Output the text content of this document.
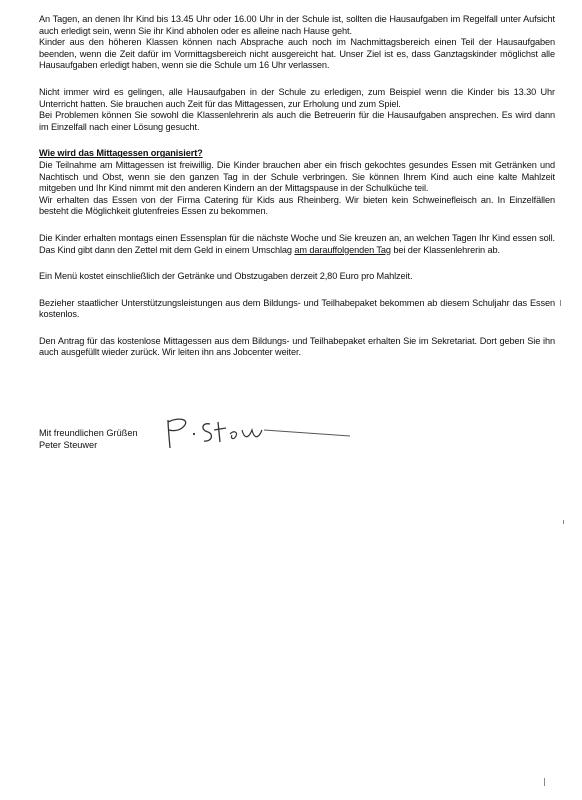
An Tagen, an denen Ihr Kind bis 13.45 Uhr oder 16.00 Uhr in der Schule ist, sollten die Hausaufgaben im Regelfall unter Aufsicht auch erledigt sein, wenn Sie ihr Kind abholen oder es alleine nach Hause geht.
Kinder aus den höheren Klassen können nach Absprache auch noch im Nachmittagsbereich einen Teil der Hausaufgaben beenden, wenn die Zeit dafür im Vormittagsbereich nicht ausgereicht hat. Unser Ziel ist es, dass Ganztagskinder möglichst alle Hausaufgaben erledigt haben, wenn sie die Schule um 16 Uhr verlassen.

Nicht immer wird es gelingen, alle Hausaufgaben in der Schule zu erledigen, zum Beispiel wenn die Kinder bis 13.30 Uhr Unterricht hatten. Sie brauchen auch Zeit für das Mittagessen, zur Erholung und zum Spiel.
Bei Problemen können Sie sowohl die Klassenlehrerin als auch die Betreuerin für die Hausaufgaben ansprechen. Es wird dann im Einzelfall nach einer Lösung gesucht.

Wie wird das Mittagessen organisiert?

Die Teilnahme am Mittagessen ist freiwillig. Die Kinder brauchen aber ein frisch gekochtes gesundes Essen mit Getränken und Nachtisch und Obst, wenn sie den ganzen Tag in der Schule verbringen. Sie können Ihrem Kind auch eine kalte Mahlzeit mitgeben und Ihr Kind nimmt mit den anderen Kindern an der Mittagspause in der Schulküche teil.
Wir erhalten das Essen von der Firma Catering für Kids aus Rheinberg. Wir bieten kein Schweinefleisch an. In Einzelfällen besteht die Möglichkeit glutenfreies Essen zu bekommen.

Die Kinder erhalten montags einen Essensplan für die nächste Woche und Sie kreuzen an, an welchen Tagen Ihr Kind essen soll. Das Kind gibt dann den Zettel mit dem Geld in einem Umschlag am darauffolgenden Tag bei der Klassenlehrerin ab.

Ein Menü kostet einschließlich der Getränke und Obstzugaben derzeit 2,80 Euro pro Mahlzeit.

Bezieher staatlicher Unterstützungsleistungen aus dem Bildungs- und Teilhabepaket bekommen ab diesem Schuljahr das Essen kostenlos.

Den Antrag für das kostenlose Mittagessen aus dem Bildungs- und Teilhabepaket erhalten Sie im Sekretariat. Dort geben Sie ihn auch ausgefüllt wieder zurück. Wir leiten ihn ans Jobcenter weiter.

Mit freundlichen Grüßen
Peter Steuwer
